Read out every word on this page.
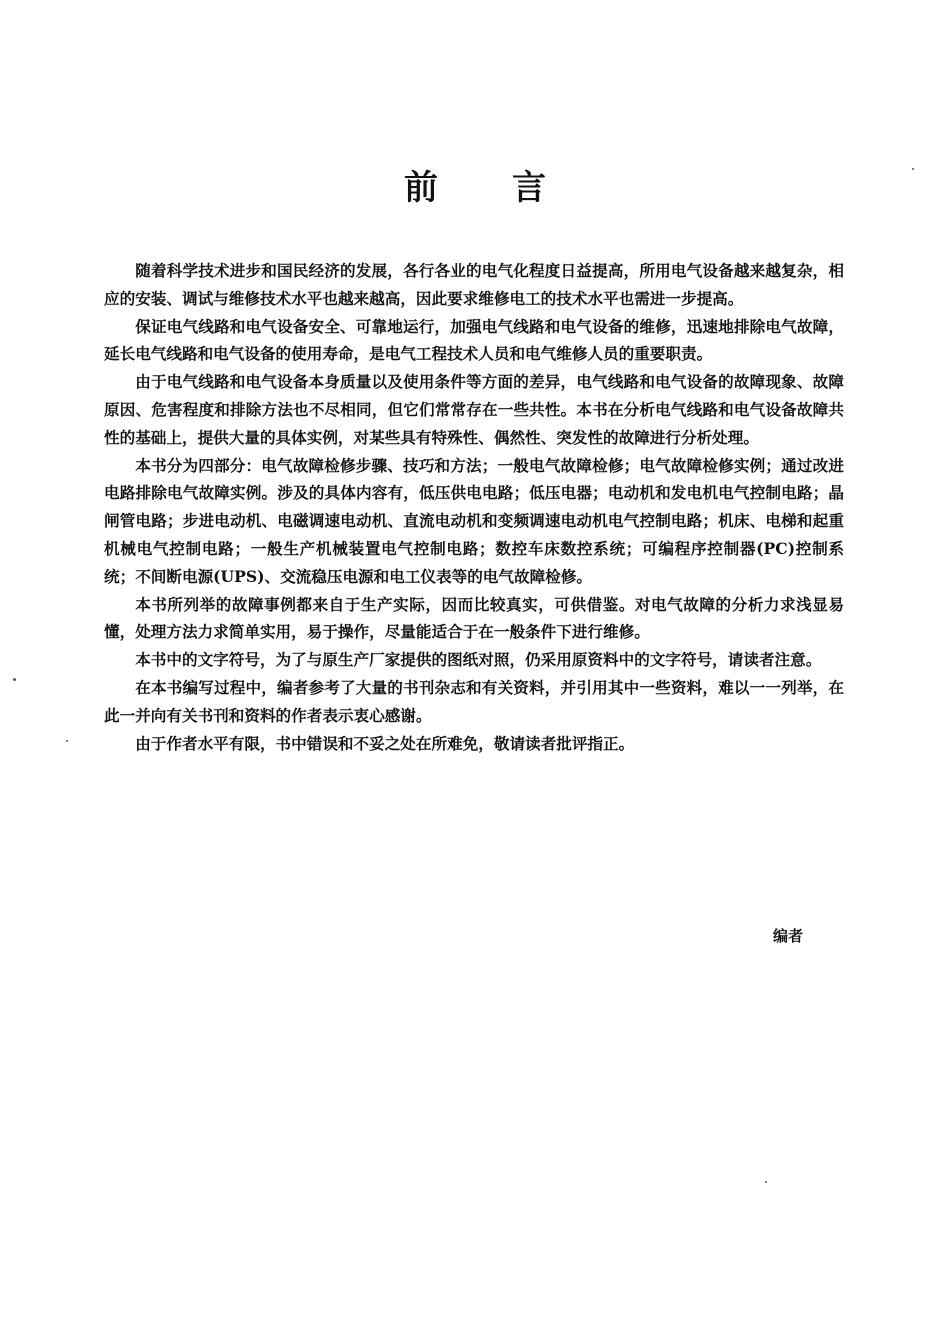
前 言

随着科学技术进步和国民经济的发展，各行各业的电气化程度日益提高，所用电气设备越来越复杂，相应的安装、调试与维修技术水平也越来越高，因此要求维修电工的技术水平也需进一步提高。

保证电气线路和电气设备安全、可靠地运行，加强电气线路和电气设备的维修，迅速地排除电气故障，延长电气线路和电气设备的使用寿命，是电气工程技术人员和电气维修人员的重要职责。

由于电气线路和电气设备本身质量以及使用条件等方面的差异，电气线路和电气设备的故障现象、故障原因、危害程度和排除方法也不尽相同，但它们常常存在一些共性。本书在分析电气线路和电气设备故障共性的基础上，提供大量的具体实例，对某些具有特殊性、偶然性、突发性的故障进行分析处理。

本书分为四部分：电气故障检修步骤、技巧和方法；一般电气故障检修；电气故障检修实例；通过改进电路排除电气故障实例。涉及的具体内容有，低压供电电路；低压电器；电动机和发电机电气控制电路；晶闸管电路；步进电动机、电磁调速电动机、直流电动机和变频调速电动机电气控制电路；机床、电梯和起重机械电气控制电路；一般生产机械装置电气控制电路；数控车床数控系统；可编程序控制器(PC)控制系统；不间断电源(UPS)、交流稳压电源和电工仪表等的电气故障检修。

本书所列举的故障事例都来自于生产实际，因而比较真实，可供借鉴。对电气故障的分析力求浅显易懂，处理方法力求简单实用，易于操作，尽量能适合于在一般条件下进行维修。

本书中的文字符号，为了与原生产厂家提供的图纸对照，仍采用原资料中的文字符号，请读者注意。

在本书编写过程中，编者参考了大量的书刊杂志和有关资料，并引用其中一些资料，难以一一列举，在此一并向有关书刊和资料的作者表示衷心感谢。

由于作者水平有限，书中错误和不妥之处在所难免，敬请读者批评指正。

编者
